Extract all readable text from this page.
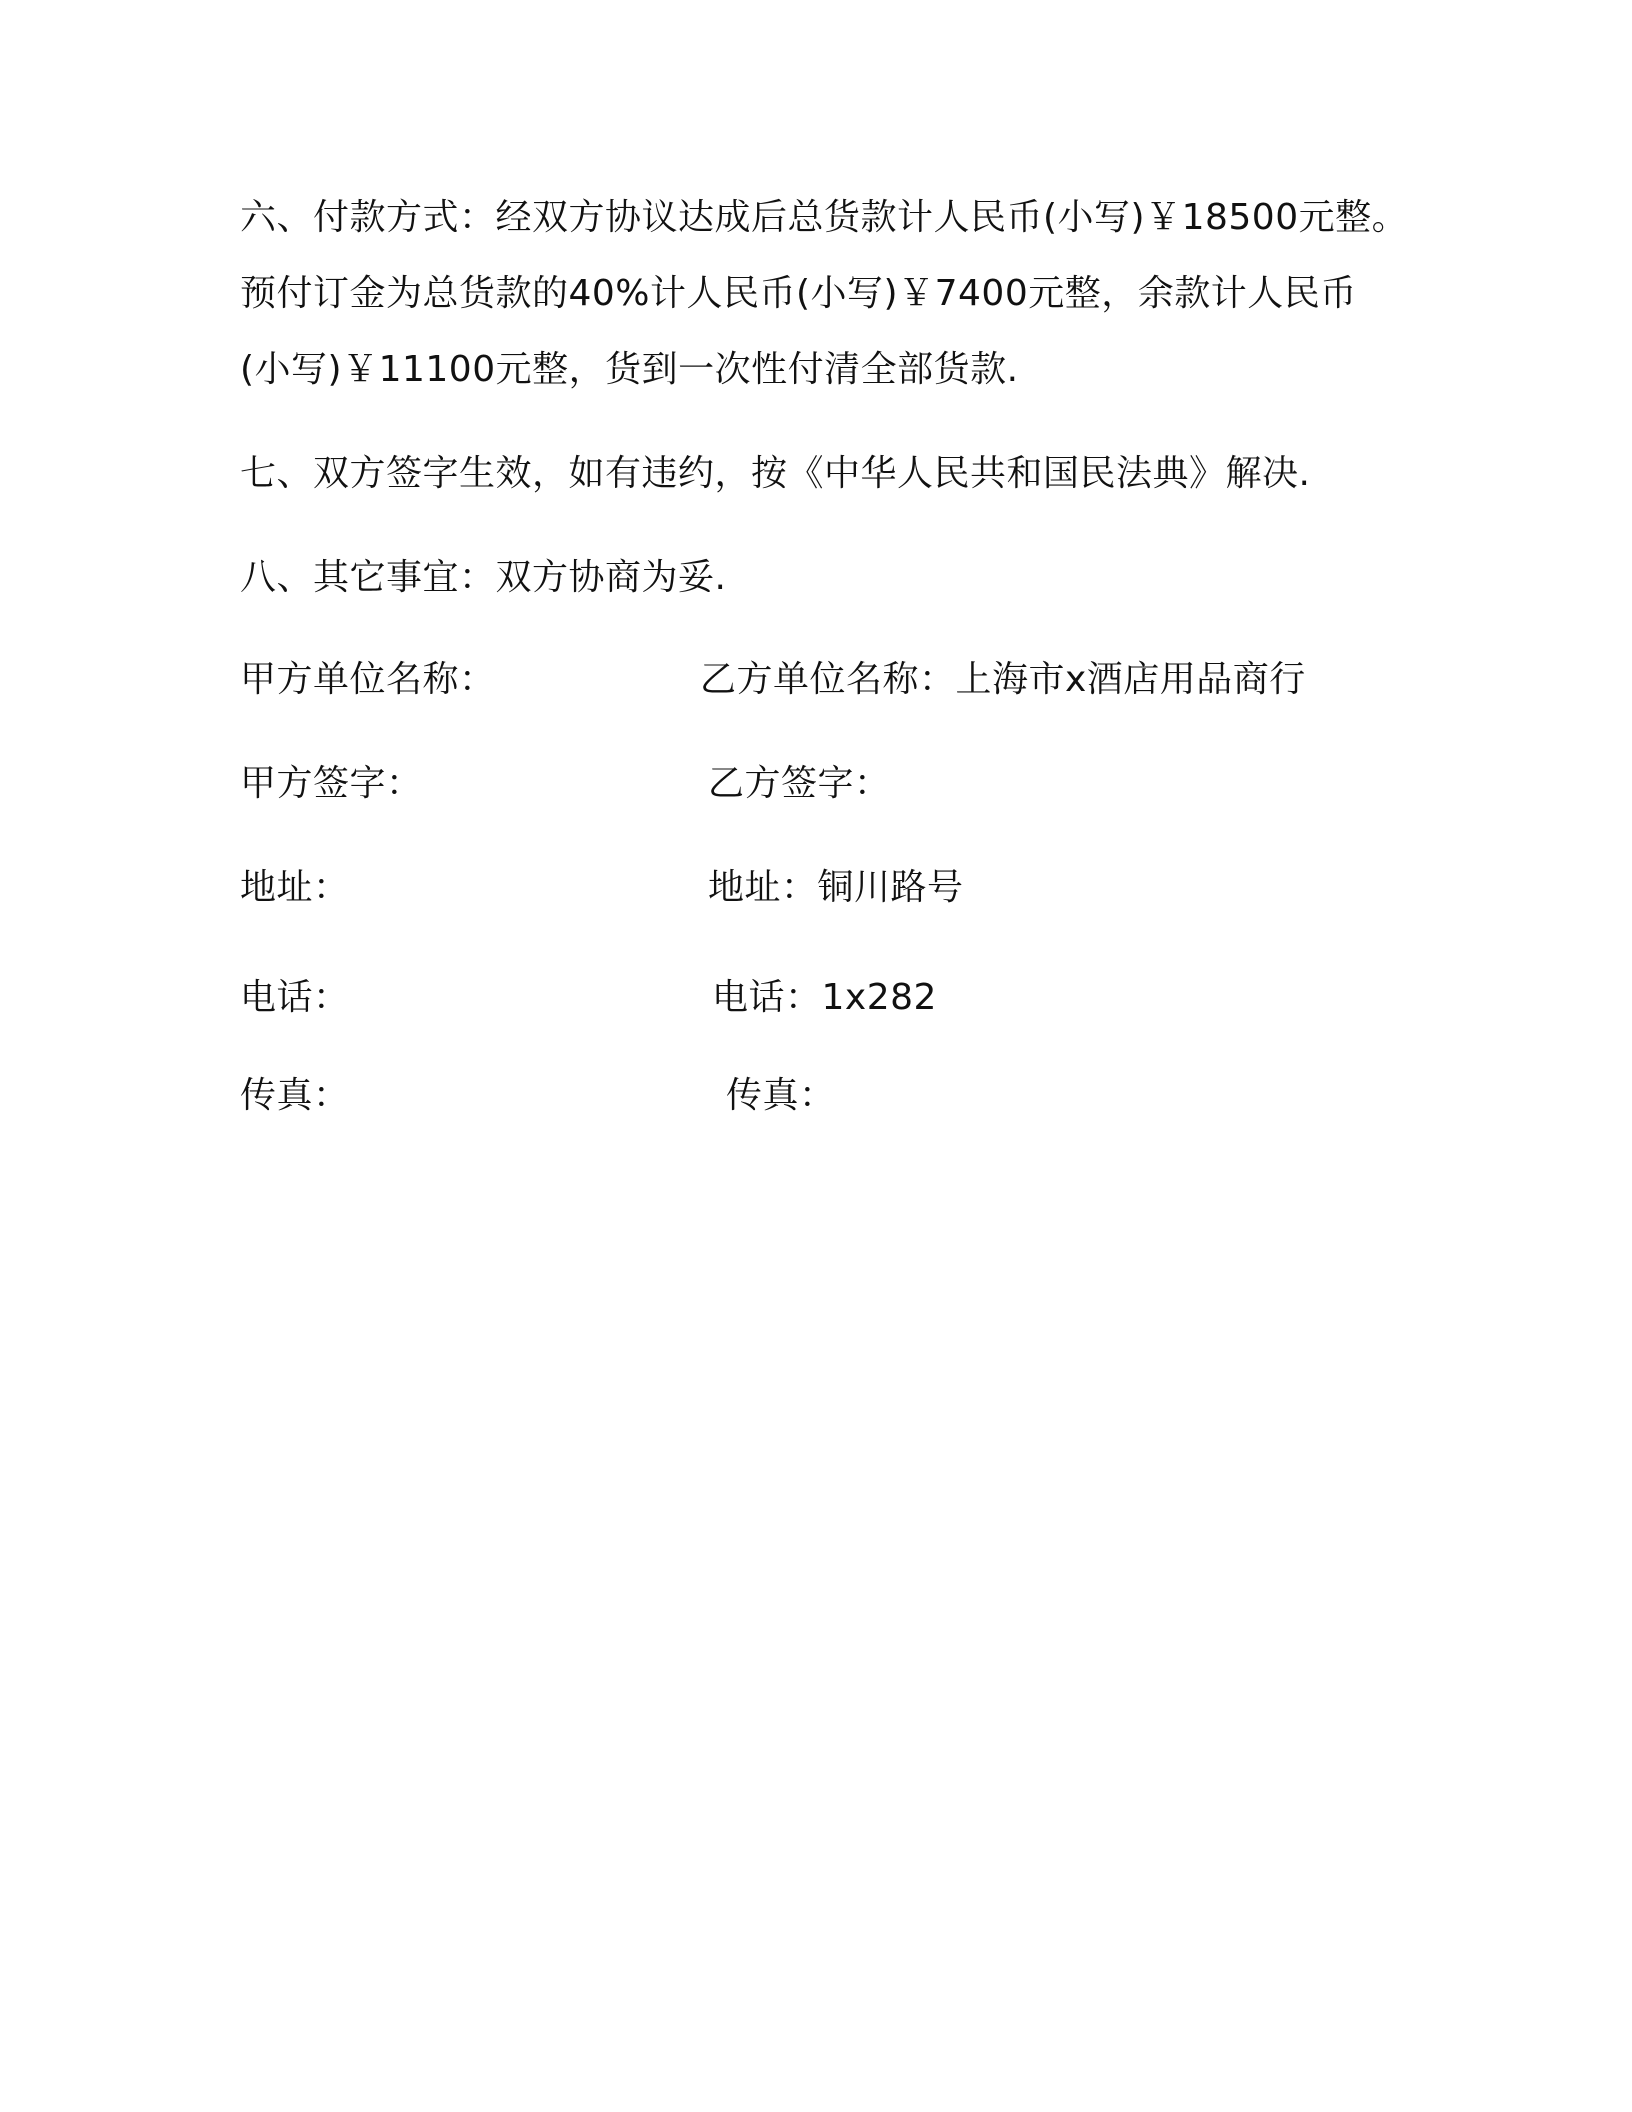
六、付款方式：经双方协议达成后总货款计人民币(小写)￥18500元整。
预付订金为总货款的40%计人民币(小写)￥7400元整，余款计人民币
(小写)￥11100元整，货到一次性付清全部货款.
七、双方签字生效，如有违约，按《中华人民共和国民法典》解决.
八、其它事宜：双方协商为妥.
甲方单位名称：	乙方单位名称：上海市x酒店用品商行
甲方签字：	乙方签字：
地址：	地址：铜川路号
电话：	电话：1x282
传真：	传真：
